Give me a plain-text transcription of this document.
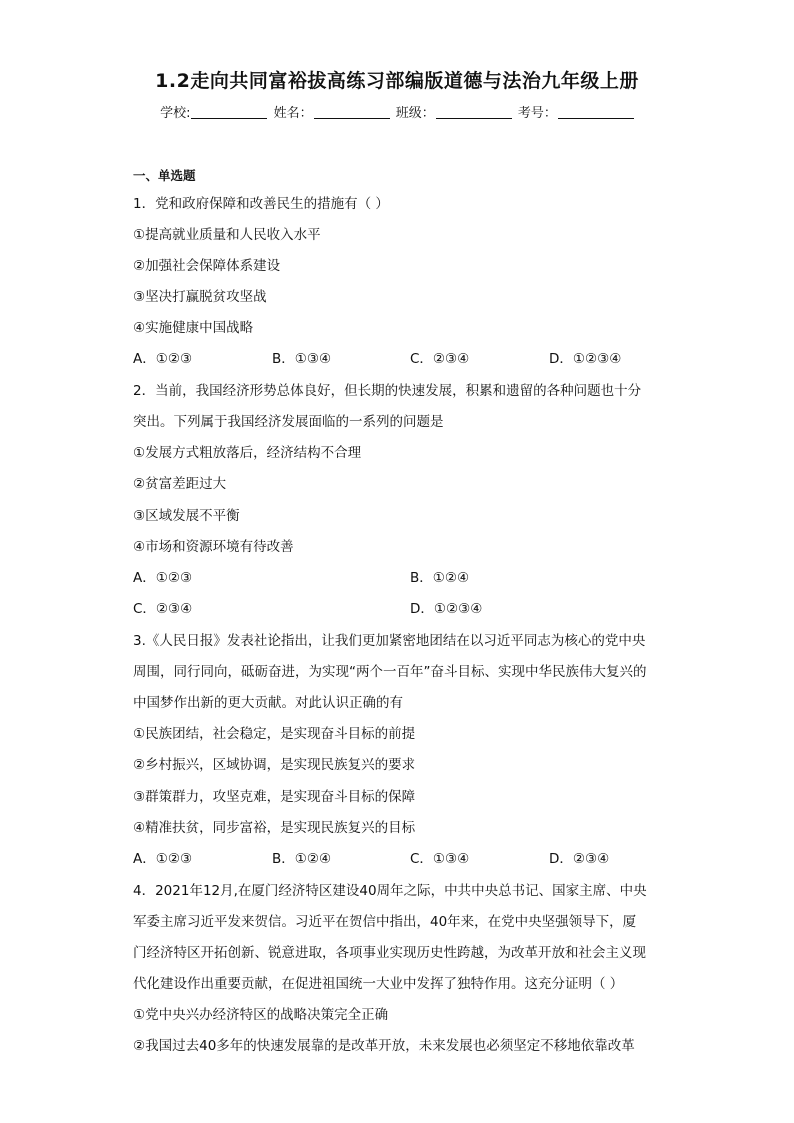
1.2走向共同富裕拔高练习部编版道德与法治九年级上册
学校:	姓名：	班级：	考号：
一、单选题
1．党和政府保障和改善民生的措施有（ ）
①提高就业质量和人民收入水平
②加强社会保障体系建设
③坚决打赢脱贫攻坚战
④实施健康中国战略
A．①②③	B．①③④	C．②③④	D．①②③④
2．当前，我国经济形势总体良好，但长期的快速发展，积累和遗留的各种问题也十分
突出。下列属于我国经济发展面临的一系列的问题是
①发展方式粗放落后，经济结构不合理
②贫富差距过大
③区域发展不平衡
④市场和资源环境有待改善
A．①②③	B．①②④
C．②③④	D．①②③④
3.《人民日报》发表社论指出，让我们更加紧密地团结在以习近平同志为核心的党中央
周围，同行同向，砥砺奋进，为实现“两个一百年”奋斗目标、实现中华民族伟大复兴的
中国梦作出新的更大贡献。对此认识正确的有
①民族团结，社会稳定，是实现奋斗目标的前提
②乡村振兴，区域协调，是实现民族复兴的要求
③群策群力，攻坚克难，是实现奋斗目标的保障
④精准扶贫，同步富裕，是实现民族复兴的目标
A．①②③	B．①②④	C．①③④	D．②③④
4．2021年12月,在厦门经济特区建设40周年之际，中共中央总书记、国家主席、中央
军委主席习近平发来贺信。习近平在贺信中指出，40年来，在党中央坚强领导下，厦
门经济特区开拓创新、锐意进取，各项事业实现历史性跨越，为改革开放和社会主义现
代化建设作出重要贡献，在促进祖国统一大业中发挥了独特作用。这充分证明（ ）
①党中央兴办经济特区的战略决策完全正确
②我国过去40多年的快速发展靠的是改革开放，未来发展也必须坚定不移地依靠改革
